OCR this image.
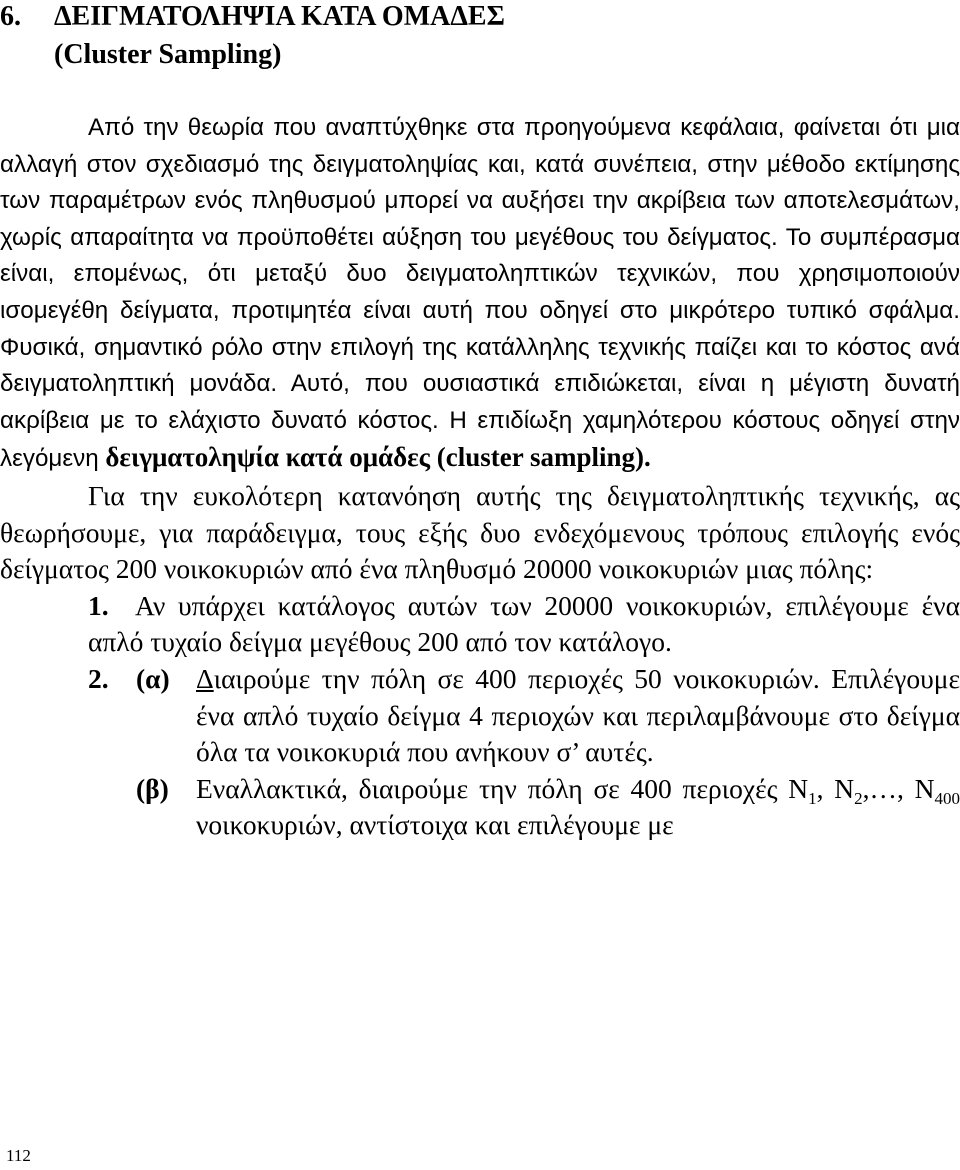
6. ΔΕΙΓΜΑΤΟΛΗΨΙΑ ΚΑΤΑ ΟΜΑΔΕΣ
(Cluster Sampling)

Από την θεωρία που αναπτύχθηκε στα προηγούμενα κεφάλαια, φαίνεται ότι μια αλλαγή στον σχεδιασμό της δειγματοληψίας και, κατά συνέπεια, στην μέθοδο εκτίμησης των παραμέτρων ενός πληθυσμού μπορεί να αυξήσει την ακρίβεια των αποτελεσμάτων, χωρίς απαραίτητα να προϋποθέτει αύξηση του μεγέθους του δείγματος. Το συμπέρασμα είναι, επομένως, ότι μεταξύ δυο δειγματοληπτικών τεχνικών, που χρησιμοποιούν ισομεγέθη δείγματα, προτιμητέα είναι αυτή που οδηγεί στο μικρότερο τυπικό σφάλμα. Φυσικά, σημαντικό ρόλο στην επιλογή της κατάλληλης τεχνικής παίζει και το κόστος ανά δειγματοληπτική μονάδα. Αυτό, που ουσιαστικά επιδιώκεται, είναι η μέγιστη δυνατή ακρίβεια με το ελάχιστο δυνατό κόστος. Η επιδίωξη χαμηλότερου κόστους οδηγεί στην λεγόμενη δειγματοληψία κατά ομάδες (cluster sampling).

Για την ευκολότερη κατανόηση αυτής της δειγματοληπτικής τεχνικής, ας θεωρήσουμε, για παράδειγμα, τους εξής δυο ενδεχόμενους τρόπους επιλογής ενός δείγματος 200 νοικοκυριών από ένα πληθυσμό 20000 νοικοκυριών μιας πόλης:

1. Αν υπάρχει κατάλογος αυτών των 20000 νοικοκυριών, επιλέγουμε ένα απλό τυχαίο δείγμα μεγέθους 200 από τον κατάλογο.
2. (α) Διαιρούμε την πόλη σε 400 περιοχές 50 νοικοκυριών. Επιλέγουμε ένα απλό τυχαίο δείγμα 4 περιοχών και περιλαμβάνουμε στο δείγμα όλα τα νοικοκυριά που ανήκουν σ’ αυτές.
(β) Εναλλακτικά, διαιρούμε την πόλη σε 400 περιοχές $N_1$, $N_2,\dots$, $N_{400}$ νοικοκυριών, αντίστοιχα και επιλέγουμε με
112
